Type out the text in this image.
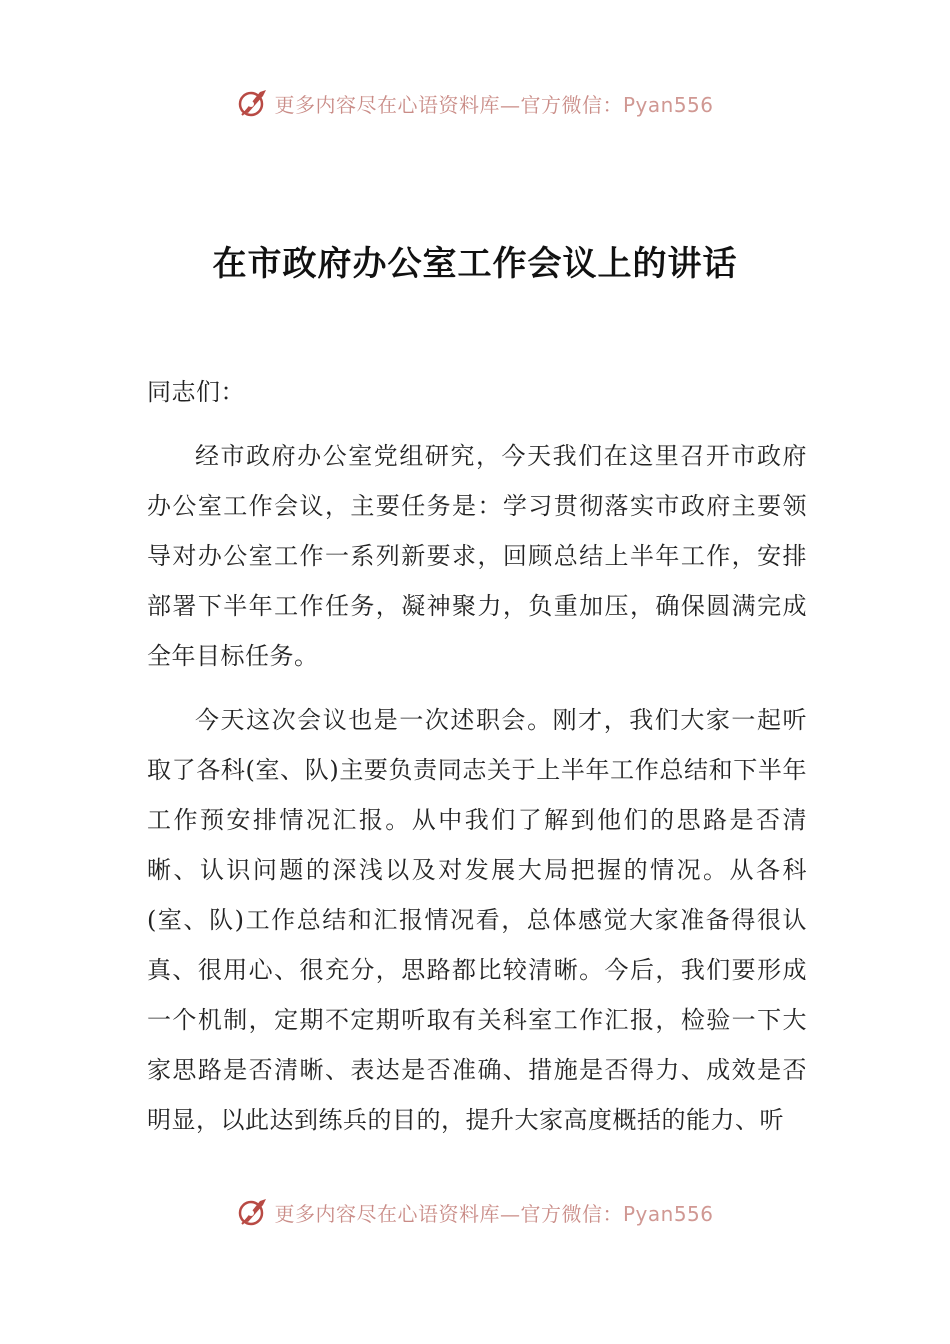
更多内容尽在心语资料库—官方微信：Pyan556
在市政府办公室工作会议上的讲话

同志们：

经市政府办公室党组研究，今天我们在这里召开市政府办公室工作会议，主要任务是：学习贯彻落实市政府主要领导对办公室工作一系列新要求，回顾总结上半年工作，安排部署下半年工作任务，凝神聚力，负重加压，确保圆满完成全年目标任务。

今天这次会议也是一次述职会。刚才，我们大家一起听取了各科(室、队)主要负责同志关于上半年工作总结和下半年工作预安排情况汇报。从中我们了解到他们的思路是否清晰、认识问题的深浅以及对发展大局把握的情况。从各科(室、队)工作总结和汇报情况看，总体感觉大家准备得很认真、很用心、很充分，思路都比较清晰。今后，我们要形成一个机制，定期不定期听取有关科室工作汇报，检验一下大家思路是否清晰、表达是否准确、措施是否得力、成效是否明显，以此达到练兵的目的，提升大家高度概括的能力、听

更多内容尽在心语资料库—官方微信：Pyan556
